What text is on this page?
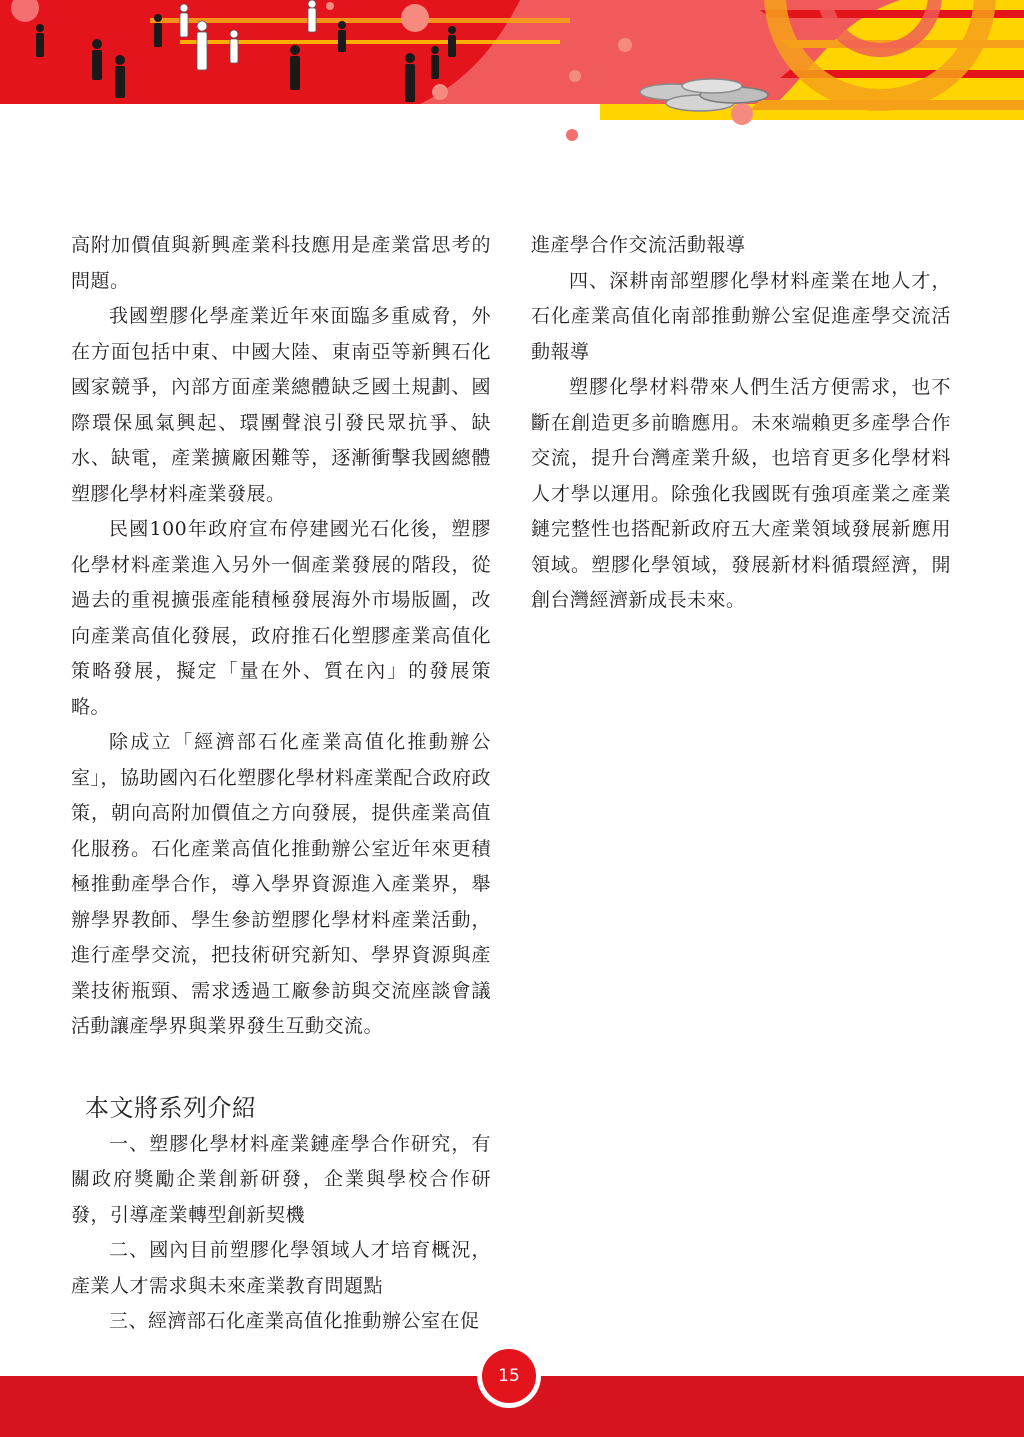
高附加價值與新興產業科技應用是產業當思考的問題。

我國塑膠化學產業近年來面臨多重威脅，外在方面包括中東、中國大陸、東南亞等新興石化國家競爭，內部方面產業總體缺乏國土規劃、國際環保風氣興起、環團聲浪引發民眾抗爭、缺水、缺電，產業擴廠困難等，逐漸衝擊我國總體塑膠化學材料產業發展。

民國100年政府宣布停建國光石化後，塑膠化學材料產業進入另外一個產業發展的階段，從過去的重視擴張產能積極發展海外市場版圖，改向產業高值化發展，政府推石化塑膠產業高值化策略發展，擬定「量在外、質在內」的發展策略。

除成立「經濟部石化產業高值化推動辦公室」，協助國內石化塑膠化學材料產業配合政府政策，朝向高附加價值之方向發展，提供產業高值化服務。石化產業高值化推動辦公室近年來更積極推動產學合作，導入學界資源進入產業界，舉辦學界教師、學生參訪塑膠化學材料產業活動，進行產學交流，把技術研究新知、學界資源與產業技術瓶頸、需求透過工廠參訪與交流座談會議活動讓產學界與業界發生互動交流。

本文將系列介紹

一、塑膠化學材料產業鏈產學合作研究，有關政府獎勵企業創新研發，企業與學校合作研發，引導產業轉型創新契機

二、國內目前塑膠化學領域人才培育概況，產業人才需求與未來產業教育問題點

三、經濟部石化產業高值化推動辦公室在促

進產學合作交流活動報導

四、深耕南部塑膠化學材料產業在地人才，石化產業高值化南部推動辦公室促進產學交流活動報導

塑膠化學材料帶來人們生活方便需求，也不斷在創造更多前瞻應用。未來端賴更多產學合作交流，提升台灣產業升級，也培育更多化學材料人才學以運用。除強化我國既有強項產業之產業鏈完整性也搭配新政府五大產業領域發展新應用領域。塑膠化學領域，發展新材料循環經濟，開創台灣經濟新成長未來。

15
